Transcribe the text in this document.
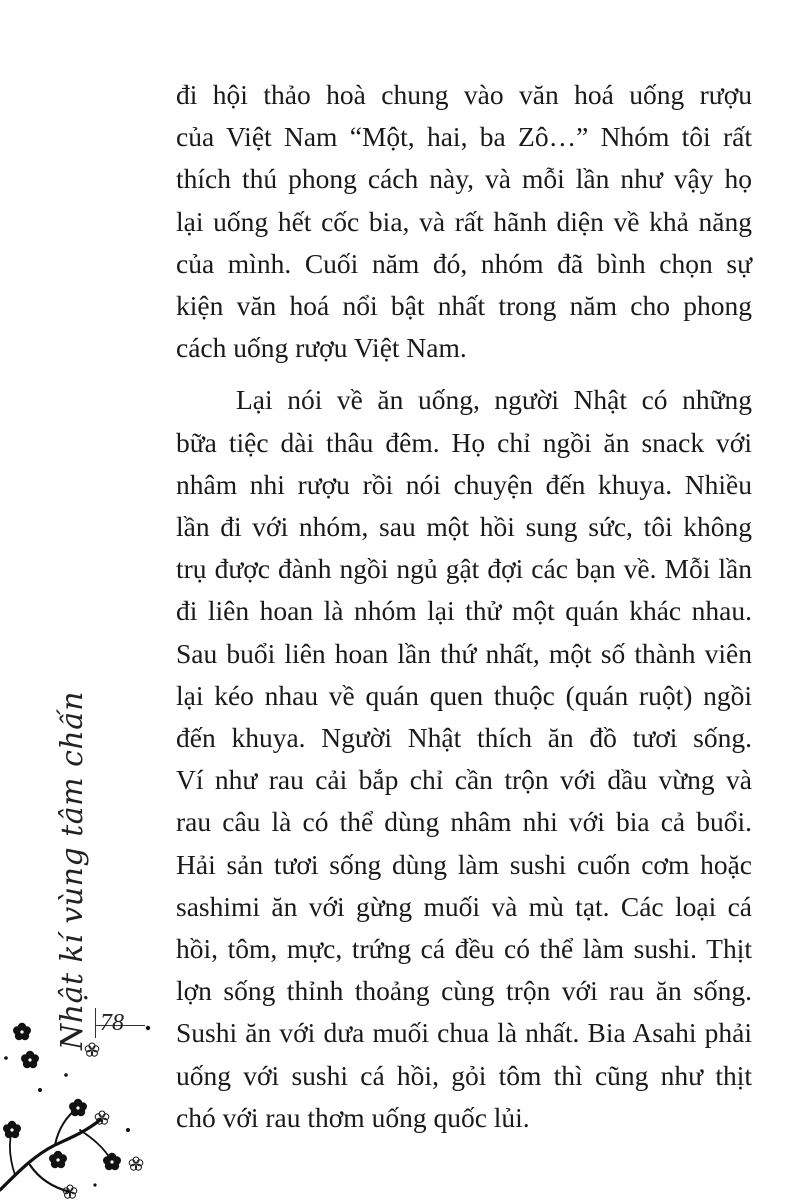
đi hội thảo hoà chung vào văn hoá uống rượu
của Việt Nam “Một, hai, ba Zô…” Nhóm tôi rất
thích thú phong cách này, và mỗi lần như vậy họ
lại uống hết cốc bia, và rất hãnh diện về khả năng
của mình. Cuối năm đó, nhóm đã bình chọn sự
kiện văn hoá nổi bật nhất trong năm cho phong
cách uống rượu Việt Nam.
Lại nói về ăn uống, người Nhật có những
bữa tiệc dài thâu đêm. Họ chỉ ngồi ăn snack với
nhâm nhi rượu rồi nói chuyện đến khuya. Nhiều
lần đi với nhóm, sau một hồi sung sức, tôi không
trụ được đành ngồi ngủ gật đợi các bạn về. Mỗi lần
đi liên hoan là nhóm lại thử một quán khác nhau.
Sau buổi liên hoan lần thứ nhất, một số thành viên
lại kéo nhau về quán quen thuộc (quán ruột) ngồi
đến khuya. Người Nhật thích ăn đồ tươi sống.
Ví như rau cải bắp chỉ cần trộn với dầu vừng và
rau câu là có thể dùng nhâm nhi với bia cả buổi.
Hải sản tươi sống dùng làm sushi cuốn cơm hoặc
sashimi ăn với gừng muối và mù tạt. Các loại cá
hồi, tôm, mực, trứng cá đều có thể làm sushi. Thịt
lợn sống thỉnh thoảng cùng trộn với rau ăn sống.
Sushi ăn với dưa muối chua là nhất. Bia Asahi phải
uống với sushi cá hồi, gỏi tôm thì cũng như thịt
chó với rau thơm uống quốc lủi.
Nhật kí vùng tâm chấn 78
